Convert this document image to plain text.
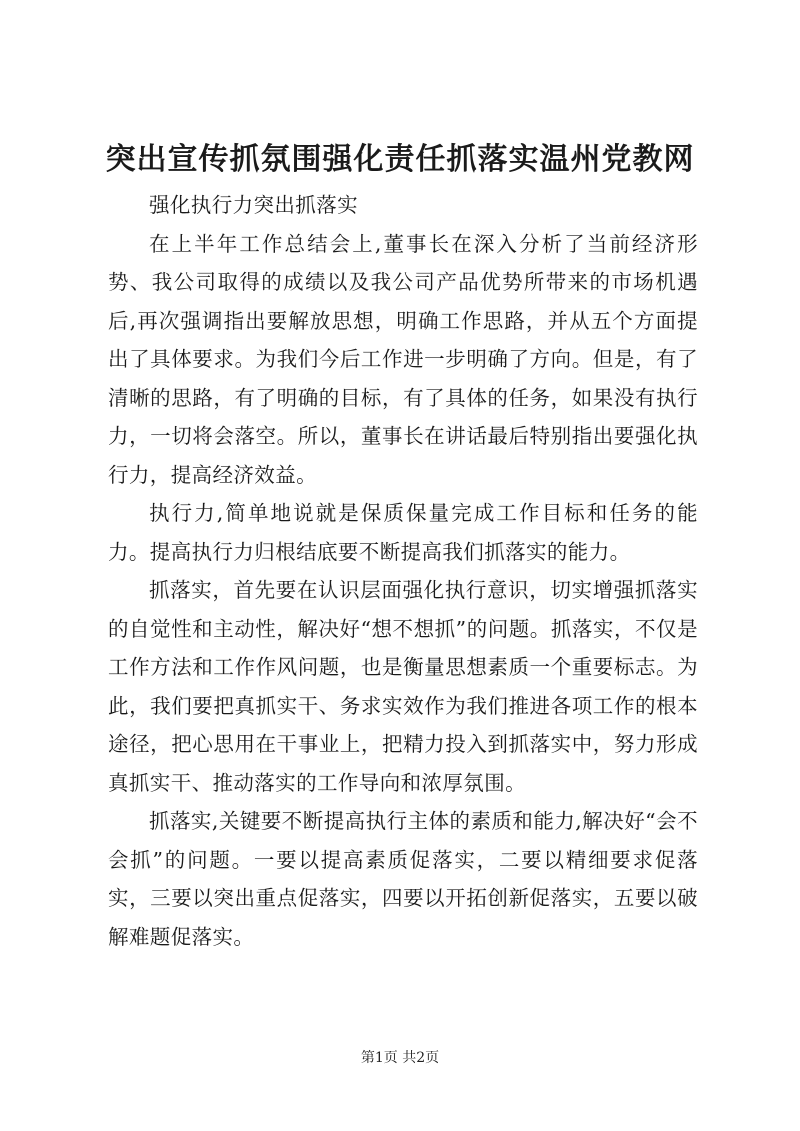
突出宣传抓氛围强化责任抓落实温州党教网

强化执行力突出抓落实

在上半年工作总结会上,董事长在深入分析了当前经济形势、我公司取得的成绩以及我公司产品优势所带来的市场机遇后,再次强调指出要解放思想，明确工作思路，并从五个方面提出了具体要求。为我们今后工作进一步明确了方向。但是，有了清晰的思路，有了明确的目标，有了具体的任务，如果没有执行力，一切将会落空。所以，董事长在讲话最后特别指出要强化执行力，提高经济效益。

执行力,简单地说就是保质保量完成工作目标和任务的能力。提高执行力归根结底要不断提高我们抓落实的能力。

抓落实，首先要在认识层面强化执行意识，切实增强抓落实的自觉性和主动性，解决好“想不想抓”的问题。抓落实，不仅是工作方法和工作作风问题，也是衡量思想素质一个重要标志。为此，我们要把真抓实干、务求实效作为我们推进各项工作的根本途径，把心思用在干事业上，把精力投入到抓落实中，努力形成真抓实干、推动落实的工作导向和浓厚氛围。

抓落实,关键要不断提高执行主体的素质和能力,解决好“会不会抓”的问题。一要以提高素质促落实，二要以精细要求促落实，三要以突出重点促落实，四要以开拓创新促落实，五要以破解难题促落实。

第1页 共2页
